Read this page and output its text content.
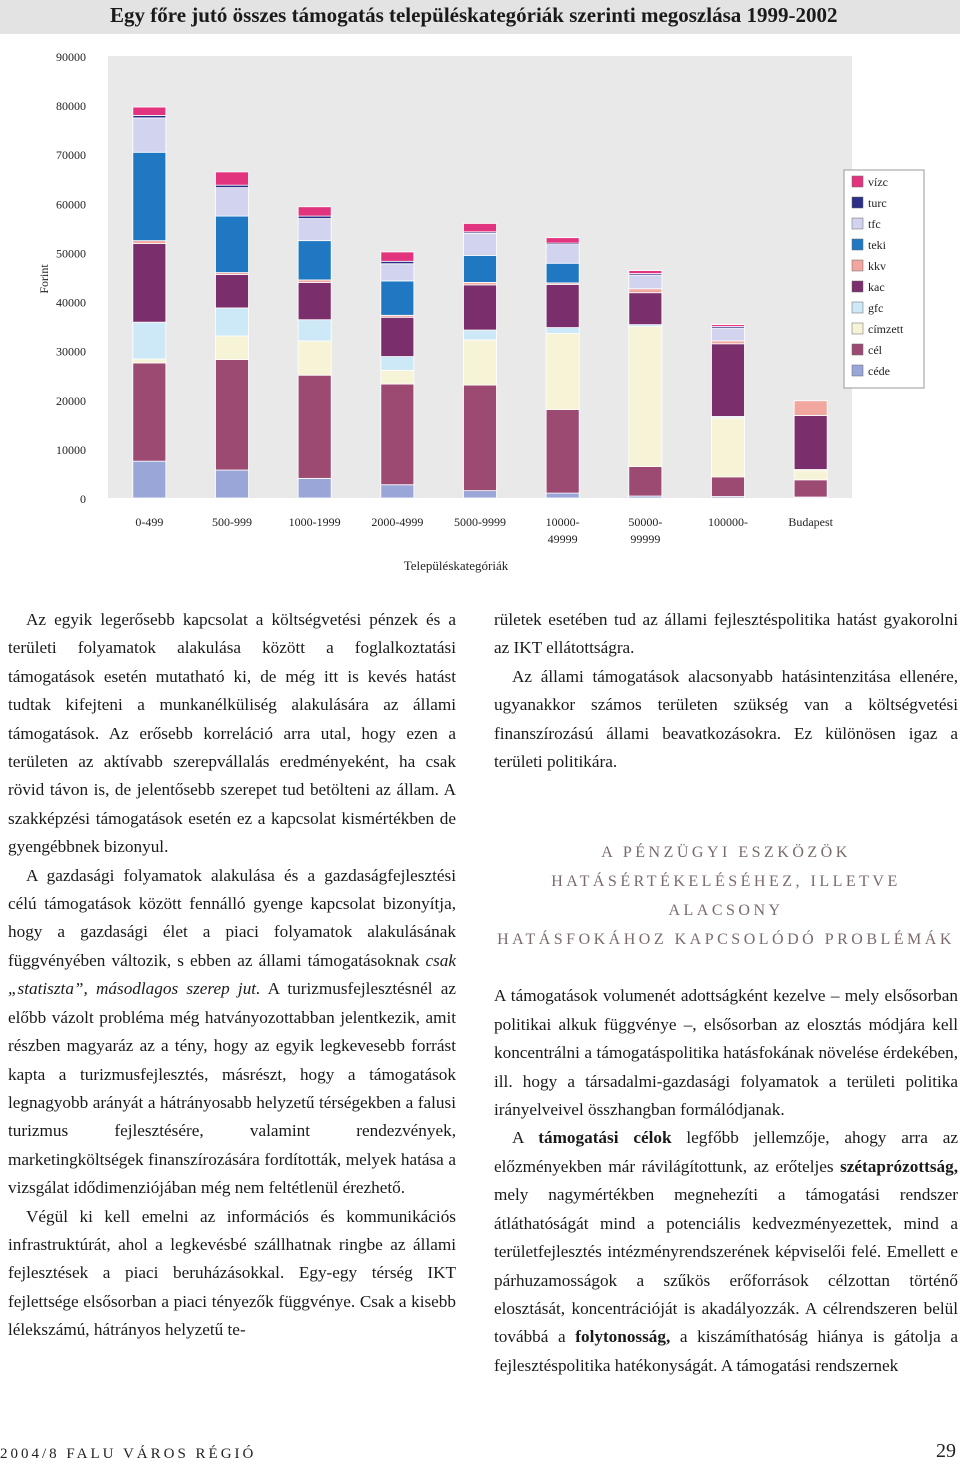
Egy főre jutó összes támogatás településkategóriák szerinti megoszlása 1999-2002
0
10000
20000
30000
40000
50000
60000
70000
80000
90000
Forint
0-499	500-999	1000-1999	2000-4999	5000-9999	10000-
49999
50000-
99999
100000-	Budapest
Településkategóriák
vízc
turc
tfc
teki
kkv
kac
gfc
címzett
cél
céde

Az egyik legerősebb kapcsolat a költségvetési pénzek és a területi folyamatok alakulása között a foglalkoztatási támogatások esetén mutatható ki, de még itt is kevés hatást tudtak kifejteni a munkanélküliség alakulására az állami támogatások. Az erősebb korreláció arra utal, hogy ezen a területen az aktívabb szerepvállalás eredményeként, ha csak rövid távon is, de jelentősebb szerepet tud betölteni az állam. A szakképzési támogatások esetén ez a kapcsolat kismértékben de gyengébbnek bizonyul.

A gazdasági folyamatok alakulása és a gazdaságfejlesztési célú támogatások között fennálló gyenge kapcsolat bizonyítja, hogy a gazdasági élet a piaci folyamatok alakulásának függvényében változik, s ebben az állami támogatásoknak csak „statiszta”, másodlagos szerep jut. A turizmusfejlesztésnél az előbb vázolt probléma még hatványozottabban jelentkezik, amit részben magyaráz az a tény, hogy az egyik legkevesebb forrást kapta a turizmusfejlesztés, másrészt, hogy a támogatások legnagyobb arányát a hátrányosabb helyzetű térségekben a falusi turizmus fejlesztésére, valamint rendezvények, marketingköltségek finanszírozására fordították, melyek hatása a vizsgálat idődimenziójában még nem feltétlenül érezhető.

Végül ki kell emelni az információs és kommunikációs infrastruktúrát, ahol a legkevésbé szállhatnak ringbe az állami fejlesztések a piaci beruházásokkal. Egy-egy térség IKT fejlettsége elsősorban a piaci tényezők függvénye. Csak a kisebb lélekszámú, hátrányos helyzetű te-

rületek esetében tud az állami fejlesztéspolitika hatást gyakorolni az IKT ellátottságra.

Az állami támogatások alacsonyabb hatásintenzitása ellenére, ugyanakkor számos területen szükség van a költségvetési finanszírozású állami beavatkozásokra. Ez különösen igaz a területi politikára.

A PÉNZÜGYI ESZKÖZÖK
HATÁSÉRTÉKELÉSÉHEZ, ILLETVE ALACSONY
HATÁSFOKÁHOZ KAPCSOLÓDÓ PROBLÉMÁK

A támogatások volumenét adottságként kezelve – mely elsősorban politikai alkuk függvénye –, elsősorban az elosztás módjára kell koncentrálni a támogatáspolitika hatásfokának növelése érdekében, ill. hogy a társadalmi-gazdasági folyamatok a területi politika irányelveivel összhangban formálódjanak.

A támogatási célok legfőbb jellemzője, ahogy arra az előzményekben már rávilágítottunk, az erőteljes szétaprózottság, mely nagymértékben megnehezíti a támogatási rendszer átláthatóságát mind a potenciális kedvezményezettek, mind a területfejlesztés intézményrendszerének képviselői felé. Emellett e párhuzamosságok a szűkös erőforrások célzottan történő elosztását, koncentrációját is akadályozzák. A célrendszeren belül továbbá a folytonosság, a kiszámíthatóság hiánya is gátolja a fejlesztéspolitika hatékonyságát. A támogatási rendszernek

2004/8 FALU VÁROS RÉGIÓ	29
